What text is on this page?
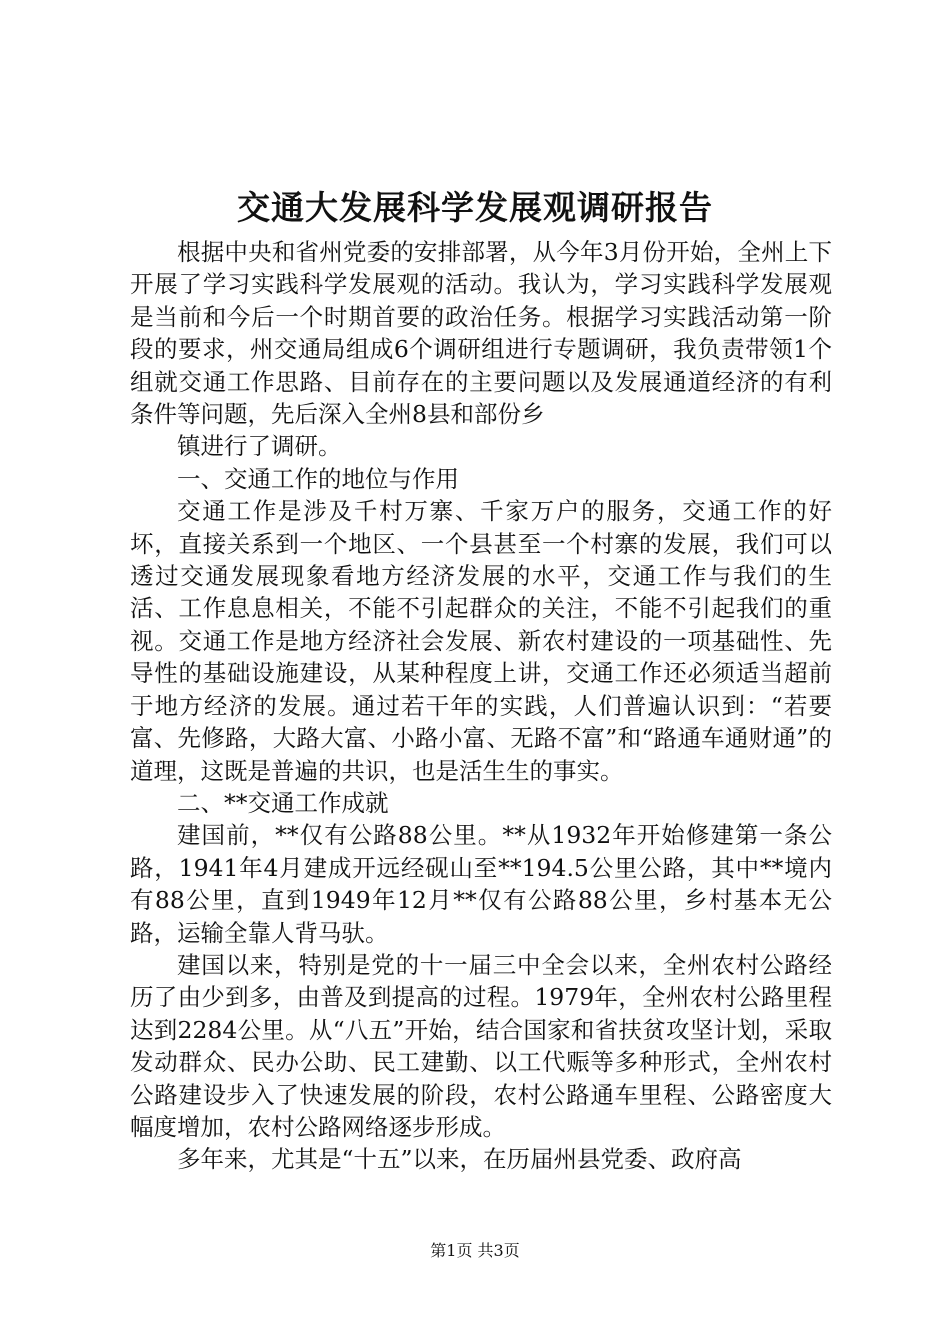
交通大发展科学发展观调研报告

根据中央和省州党委的安排部署，从今年3月份开始，全州上下开展了学习实践科学发展观的活动。我认为，学习实践科学发展观是当前和今后一个时期首要的政治任务。根据学习实践活动第一阶段的要求，州交通局组成6个调研组进行专题调研，我负责带领1个组就交通工作思路、目前存在的主要问题以及发展通道经济的有利条件等问题，先后深入全州8县和部份乡

镇进行了调研。

一、交通工作的地位与作用

交通工作是涉及千村万寨、千家万户的服务，交通工作的好坏，直接关系到一个地区、一个县甚至一个村寨的发展，我们可以透过交通发展现象看地方经济发展的水平，交通工作与我们的生活、工作息息相关，不能不引起群众的关注，不能不引起我们的重视。交通工作是地方经济社会发展、新农村建设的一项基础性、先导性的基础设施建设，从某种程度上讲，交通工作还必须适当超前于地方经济的发展。通过若干年的实践，人们普遍认识到：“若要富、先修路，大路大富、小路小富、无路不富”和“路通车通财通”的道理，这既是普遍的共识，也是活生生的事实。

二、**交通工作成就

建国前，**仅有公路88公里。**从1932年开始修建第一条公路，1941年4月建成开远经砚山至**194.5公里公路，其中**境内有88公里，直到1949年12月**仅有公路88公里，乡村基本无公路，运输全靠人背马驮。

建国以来，特别是党的十一届三中全会以来，全州农村公路经历了由少到多，由普及到提高的过程。1979年，全州农村公路里程达到2284公里。从“八五”开始，结合国家和省扶贫攻坚计划，采取发动群众、民办公助、民工建勤、以工代赈等多种形式，全州农村公路建设步入了快速发展的阶段，农村公路通车里程、公路密度大幅度增加，农村公路网络逐步形成。

多年来，尤其是“十五”以来，在历届州县党委、政府高

第1页 共3页
